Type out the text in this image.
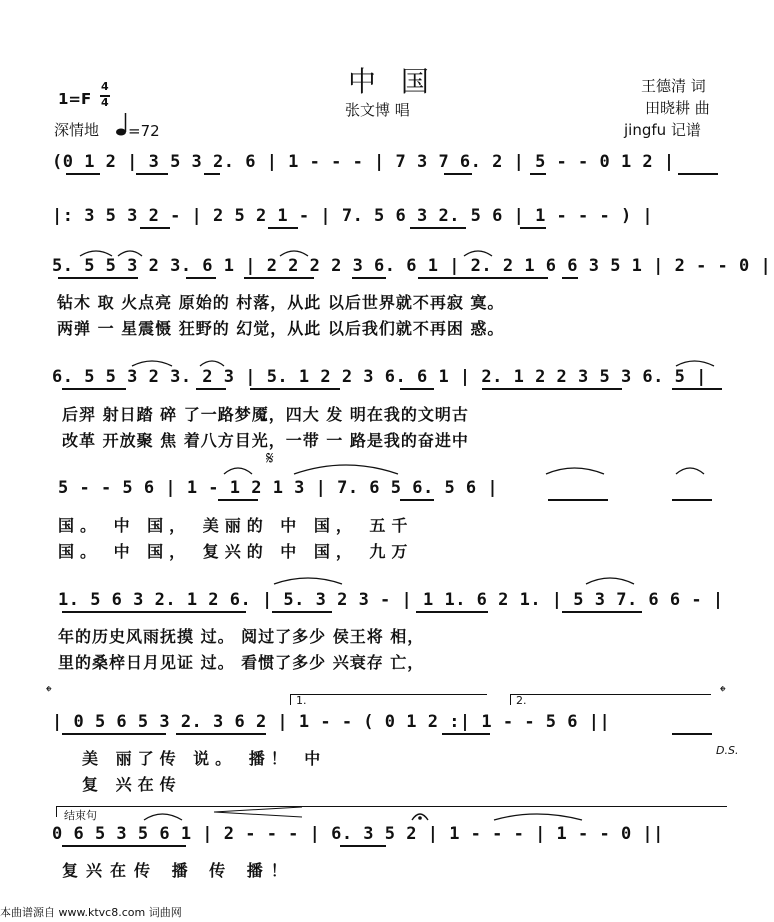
中 国
张文博 唱
王德清 词
田晓耕 曲
jingfu 记谱
1=F
4
4
深情地 =72
(0 1 2 | 3 5 3 2. 6 | 1 - - - | 7 3 7 6. 2 | 5 - - 0 1 2 |
|: 3 5 3 2 - | 2 5 2 1 - | 7. 5 6 3 2. 5 6 | 1 - - - ) |
5. 5 5 3 2 3. 6 1 | 2 2 2 2 3 6. 6 1 | 2. 2 1 6 6 3 5 1 | 2 - - 0 |
钻木 取 火点亮 原始的 村落，从此 以后世界就不再寂 寞。
两弹 一 星震慑 狂野的 幻觉，从此 以后我们就不再困 惑。
6. 5 5 3 2 3. 2 3 | 5. 1 2 2 3 6. 6 1 | 2. 1 2 2 3 5 3 6. 5 |
后羿 射日踏 碎 了一路梦魇，四大 发 明在我的文明古
改革 开放聚 焦 着八方目光，一带 一 路是我的奋进中
𝄋
5 - - 5 6 | 1 - 1 2 1 3 | 7. 6 5 6. 5 6 |
国。 中 国， 美丽的 中 国， 五千
国。 中 国， 复兴的 中 国， 九万
1. 5 6 3 2. 1 2 6. | 5. 3 2 3 - | 1 1. 6 2 1. | 5 3 7. 6 6 - |
年的历史风雨抚摸 过。 阅过了多少 侯王将 相，
里的桑梓日月见证 过。 看惯了多少 兴衰存 亡，
𝄌	𝄌
1.	2.
| 0 5 6 5 3 2. 3 6 2 | 1 - - ( 0 1 2 :| 1 - - 5 6 ||
D.S.
美 丽了传 说。 播！ 中
复 兴在传
结束句
0 6 5 3 5 6 1 | 2 - - - | 6. 3 5 2 | 1 - - - | 1 - - 0 ||
复兴在传 播 传 播！
本曲谱源自 www.ktvc8.com 词曲网
